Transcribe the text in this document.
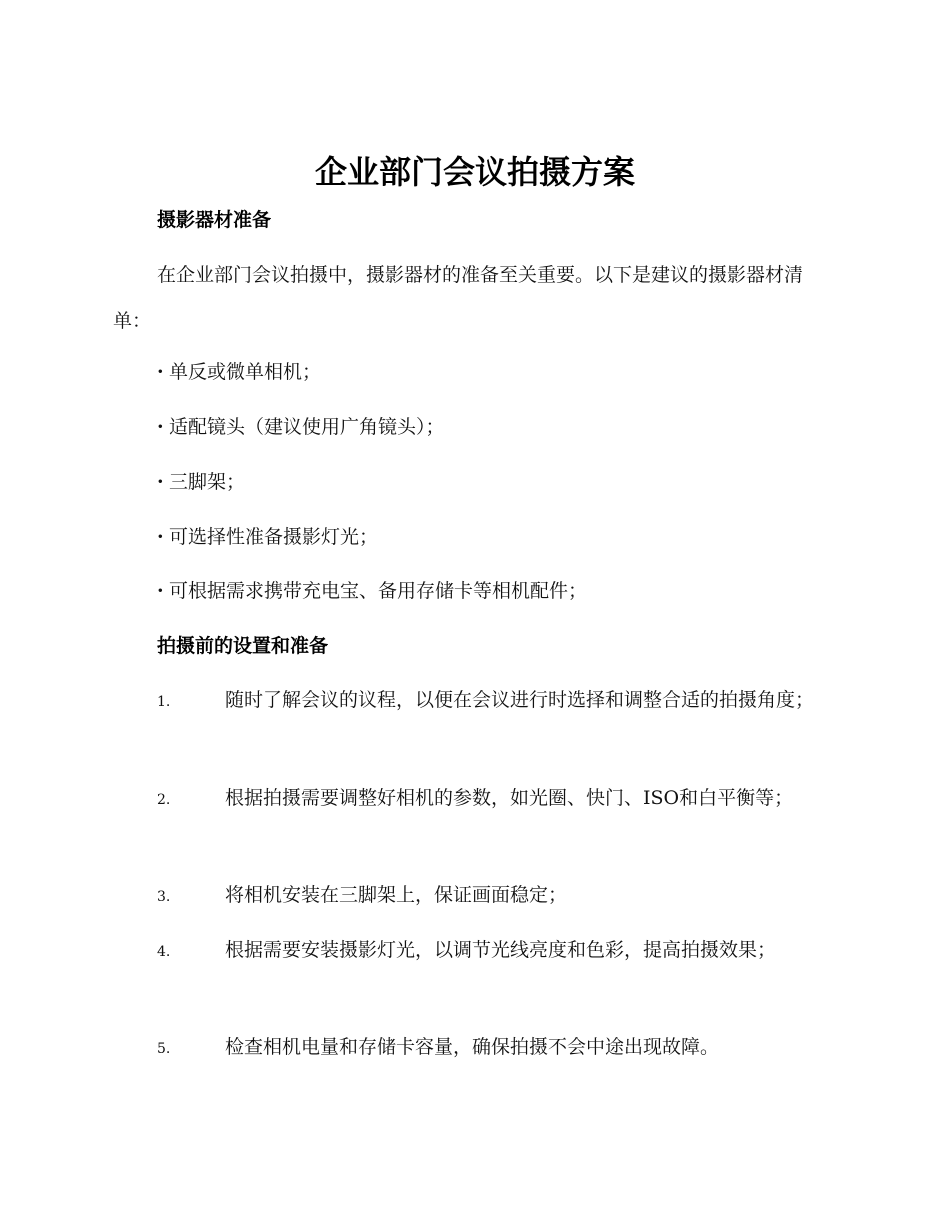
企业部门会议拍摄方案
摄影器材准备
在企业部门会议拍摄中，摄影器材的准备至关重要。以下是建议的摄影器材清单：
· 单反或微单相机；
· 适配镜头（建议使用广角镜头）；
· 三脚架；
· 可选择性准备摄影灯光；
· 可根据需求携带充电宝、备用存储卡等相机配件；
拍摄前的设置和准备
1.	随时了解会议的议程，以便在会议进行时选择和调整合适的拍摄角度；
2.	根据拍摄需要调整好相机的参数，如光圈、快门、ISO和白平衡等；
3.	将相机安装在三脚架上，保证画面稳定；
4.	根据需要安装摄影灯光，以调节光线亮度和色彩，提高拍摄效果；
5.	检查相机电量和存储卡容量，确保拍摄不会中途出现故障。
